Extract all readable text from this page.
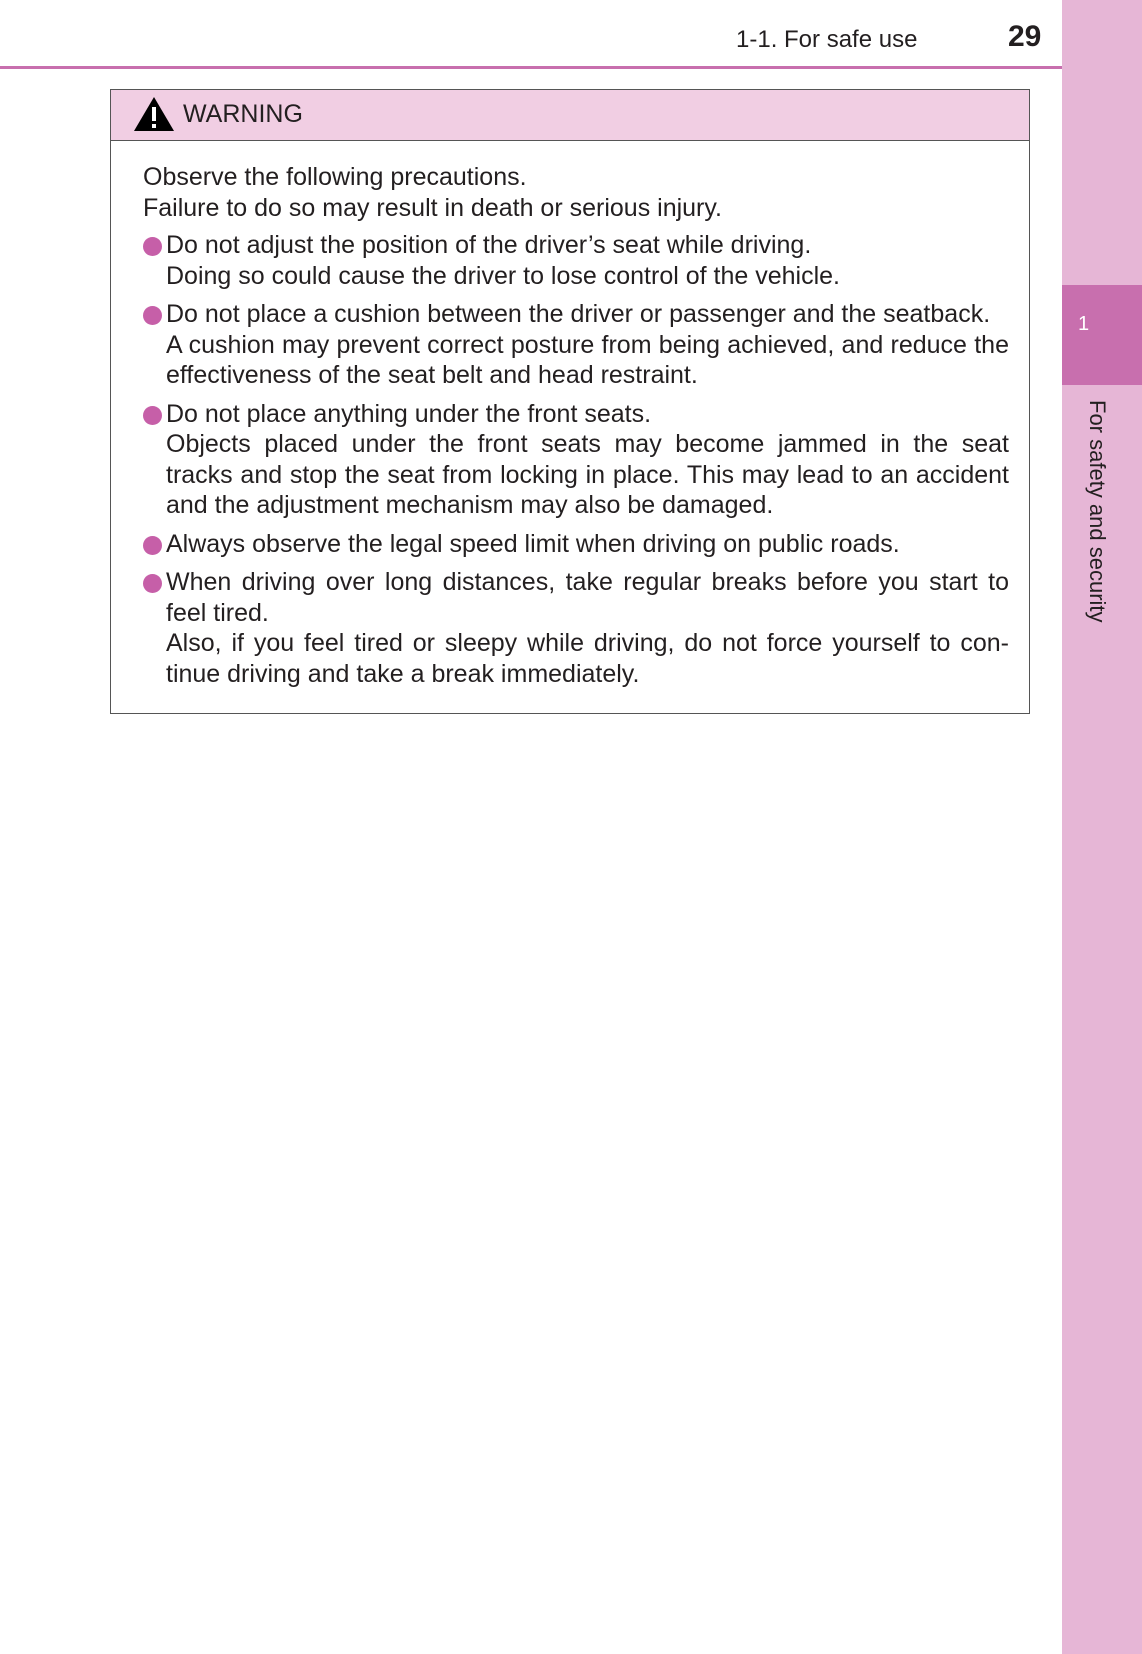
1
For safety and security
1-1. For safe use	29
WARNING
Observe the following precautions.
Failure to do so may result in death or serious injury.
Do not adjust the position of the driver’s seat while driving.
Doing so could cause the driver to lose control of the vehicle.
Do not place a cushion between the driver or passenger and the seatback.
A cushion may prevent correct posture from being achieved, and reduce the effectiveness of the seat belt and head restraint.
Do not place anything under the front seats.
Objects placed under the front seats may become jammed in the seat tracks and stop the seat from locking in place. This may lead to an accident and the adjustment mechanism may also be damaged.
Always observe the legal speed limit when driving on public roads.
When driving over long distances, take regular breaks before you start to feel tired.
Also, if you feel tired or sleepy while driving, do not force yourself to continue driving and take a break immediately.
